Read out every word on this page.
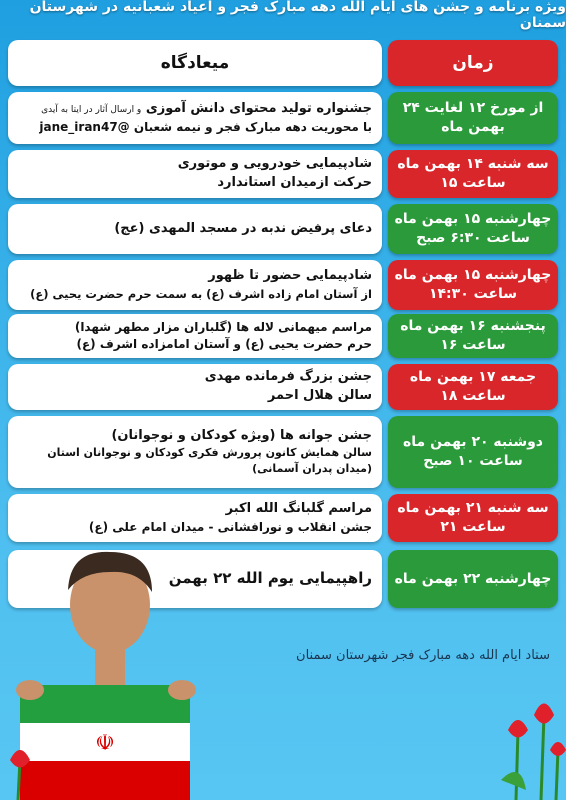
ویژه برنامه و جشن های ایام الله دهه مبارک فجر و اعیاد شعبانیه در شهرستان سمنان
زمان
میعادگاه
از مورخ ۱۲ لغایت ۲۴
بهمن ماه
جشنواره تولید محتوای دانش آموزی و ارسال آثار در ایتا به آیدی
با محوریت دهه مبارک فجر و نیمه شعبان @jane_iran47
سه شنبه ۱۴ بهمن ماه
ساعت ۱۵
شادپیمایی خودرویی و موتوری
حرکت ازمیدان استاندارد
چهارشنبه ۱۵ بهمن ماه
ساعت ۶:۳۰ صبح
دعای پرفیض ندبه در مسجد المهدی (عج)
چهارشنبه ۱۵ بهمن ماه
ساعت ۱۴:۳۰
شادپیمایی حضور تا ظهور
از آستان امام زاده اشرف (ع) به سمت حرم حضرت یحیی (ع)
پنجشنبه ۱۶ بهمن ماه
ساعت ۱۶
مراسم میهمانی لاله ها (گلباران مزار مطهر شهدا)
حرم حضرت یحیی (ع) و آستان امامزاده اشرف (ع)
جمعه ۱۷ بهمن ماه
ساعت ۱۸
جشن بزرگ فرمانده مهدی
سالن هلال احمر
دوشنبه ۲۰ بهمن ماه
ساعت ۱۰ صبح
جشن جوانه ها (ویژه کودکان و نوجوانان)
سالن همایش کانون پرورش فکری کودکان و نوجوانان استان
(میدان پدران آسمانی)
سه شنبه ۲۱ بهمن ماه
ساعت ۲۱
مراسم گلبانگ الله اکبر
جشن انقلاب و نورافشانی - میدان امام علی (ع)
چهارشنبه ۲۲ بهمن ماه
راهپیمایی یوم الله ۲۲ بهمن
ستاد ایام الله دهه مبارک فجر شهرستان سمنان
☫
